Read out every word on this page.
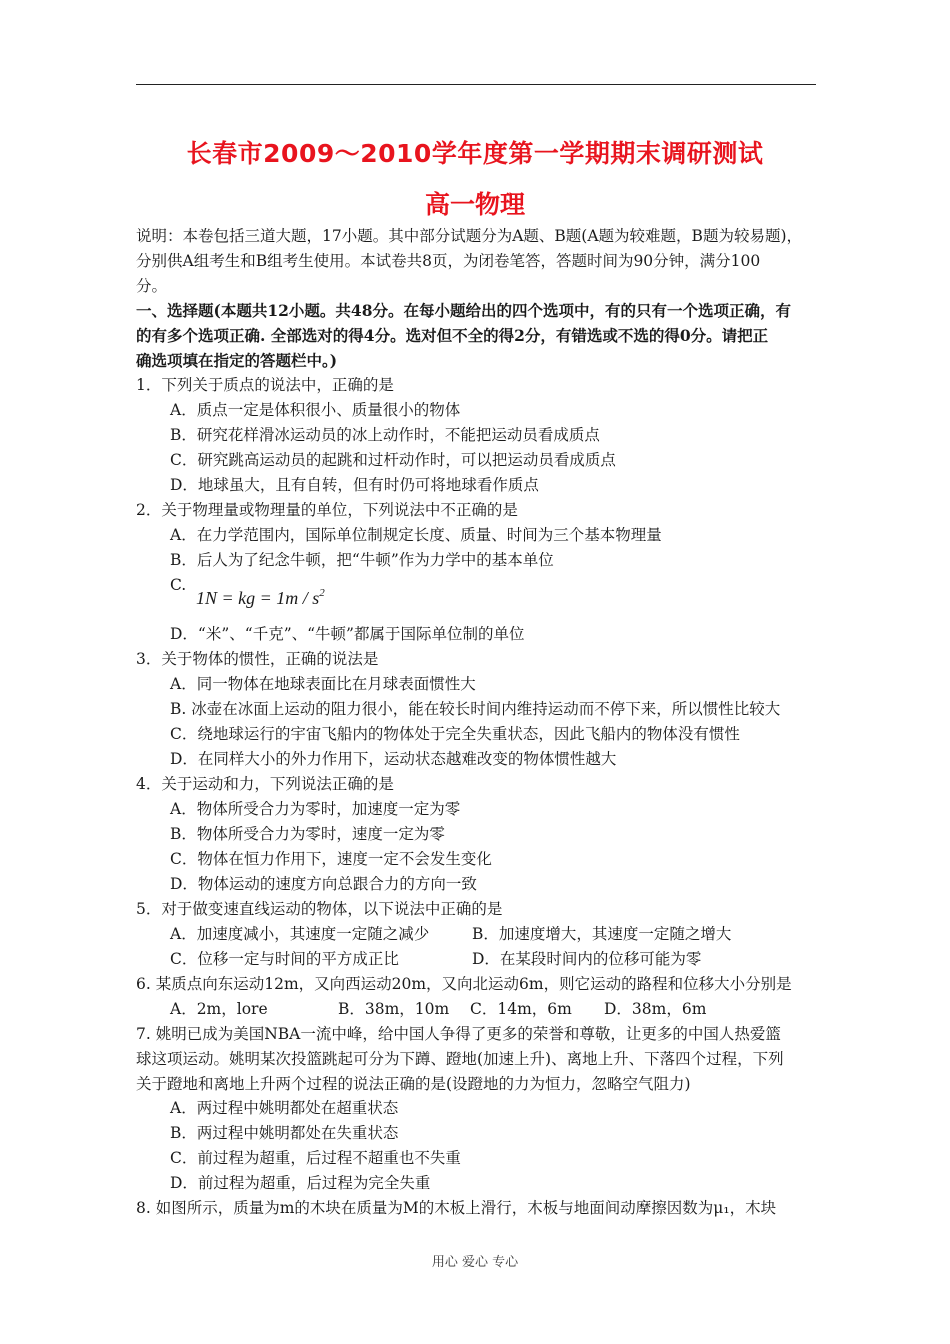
长春市2009～2010学年度第一学期期末调研测试
高一物理
说明：本卷包括三道大题，17小题。其中部分试题分为A题、B题(A题为较难题，B题为较易题)，
分别供A组考生和B组考生使用。本试卷共8页，为闭卷笔答，答题时间为90分钟，满分100
分。
一、选择题(本题共12小题。共48分。在每小题给出的四个选项中，有的只有一个选项正确，有
的有多个选项正确. 全部选对的得4分。选对但不全的得2分，有错选或不选的得0分。请把正
确选项填在指定的答题栏中。)
1．下列关于质点的说法中，正确的是
A．质点一定是体积很小、质量很小的物体
B．研究花样滑冰运动员的冰上动作时，不能把运动员看成质点
C．研究跳高运动员的起跳和过杆动作时，可以把运动员看成质点
D．地球虽大，且有自转，但有时仍可将地球看作质点
2．关于物理量或物理量的单位，下列说法中不正确的是
A．在力学范围内，国际单位制规定长度、质量、时间为三个基本物理量
B．后人为了纪念牛顿，把“牛顿”作为力学中的基本单位
C.
1N = kg = $1m / s^2$
D．“米”、“千克”、“牛顿”都属于国际单位制的单位
3．关于物体的惯性，正确的说法是
A．同一物体在地球表面比在月球表面惯性大
B. 冰壶在冰面上运动的阻力很小，能在较长时间内维持运动而不停下来，所以惯性比较大
C．绕地球运行的宇宙飞船内的物体处于完全失重状态，因此飞船内的物体没有惯性
D．在同样大小的外力作用下，运动状态越难改变的物体惯性越大
4．关于运动和力，下列说法正确的是
A．物体所受合力为零时，加速度一定为零
B．物体所受合力为零时，速度一定为零
C．物体在恒力作用下，速度一定不会发生变化
D．物体运动的速度方向总跟合力的方向一致
5．对于做变速直线运动的物体，以下说法中正确的是
A．加速度减小，其速度一定随之减少	B．加速度增大，其速度一定随之增大
C．位移一定与时间的平方成正比	D．在某段时间内的位移可能为零
6. 某质点向东运动12m，又向西运动20m，又向北运动6m，则它运动的路程和位移大小分别是
A．2m，lore	B．38m，10m C．14m，6m D．38m，6m
7. 姚明已成为美国NBA一流中峰，给中国人争得了更多的荣誉和尊敬，让更多的中国人热爱篮
球这项运动。姚明某次投篮跳起可分为下蹲、蹬地(加速上升)、离地上升、下落四个过程，下列
关于蹬地和离地上升两个过程的说法正确的是(设蹬地的力为恒力，忽略空气阻力)
A．两过程中姚明都处在超重状态
B．两过程中姚明都处在失重状态
C．前过程为超重，后过程不超重也不失重
D．前过程为超重，后过程为完全失重
8. 如图所示，质量为m的木块在质量为M的木板上滑行，木板与地面间动摩擦因数为μ₁，木块
用心 爱心 专心
